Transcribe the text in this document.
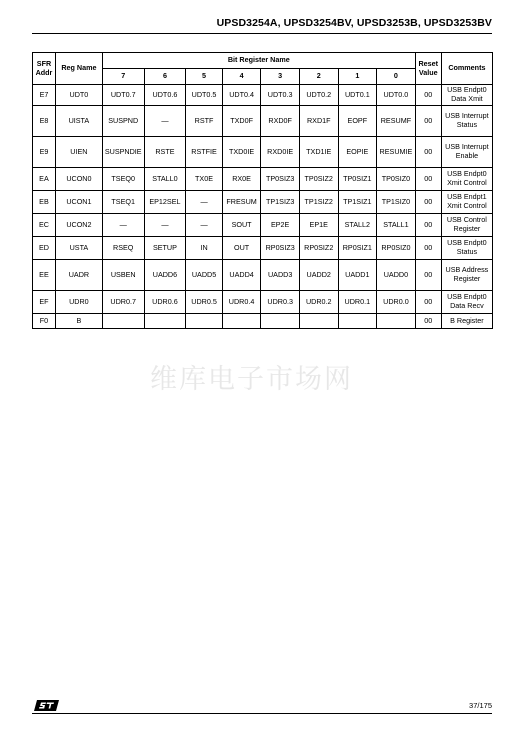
UPSD3254A, UPSD3254BV, UPSD3253B, UPSD3253BV
SFR Addr	Reg Name	Bit Register Name								Reset Value	Comments
		7	6	5	4	3	2	1	0		
E7	UDT0	UDT0.7	UDT0.6	UDT0.5	UDT0.4	UDT0.3	UDT0.2	UDT0.1	UDT0.0	00	USB Endpt0 Data Xmit
E8	UISTA	SUSPND	—	RSTF	TXD0F	RXD0F	RXD1F	EOPF	RESUMF	00	USB Interrupt Status
E9	UIEN	SUSPNDIE	RSTE	RSTFIE	TXD0IE	RXD0IE	TXD1IE	EOPIE	RESUMIE	00	USB Interrupt Enable
EA	UCON0	TSEQ0	STALL0	TX0E	RX0E	TP0SIZ3	TP0SIZ2	TP0SIZ1	TP0SIZ0	00	USB Endpt0 Xmit Control
EB	UCON1	TSEQ1	EP12SEL	—	FRESUM	TP1SIZ3	TP1SIZ2	TP1SIZ1	TP1SIZ0	00	USB Endpt1 Xmit Control
EC	UCON2	—	—	—	SOUT	EP2E	EP1E	STALL2	STALL1	00	USB Control Register
ED	USTA	RSEQ	SETUP	IN	OUT	RP0SIZ3	RP0SIZ2	RP0SIZ1	RP0SIZ0	00	USB Endpt0 Status
EE	UADR	USBEN	UADD6	UADD5	UADD4	UADD3	UADD2	UADD1	UADD0	00	USB Address Register
EF	UDR0	UDR0.7	UDR0.6	UDR0.5	UDR0.4	UDR0.3	UDR0.2	UDR0.1	UDR0.0	00	USB Endpt0 Data Recv
F0	B									00	B Register
维库电子市场网
37/175
